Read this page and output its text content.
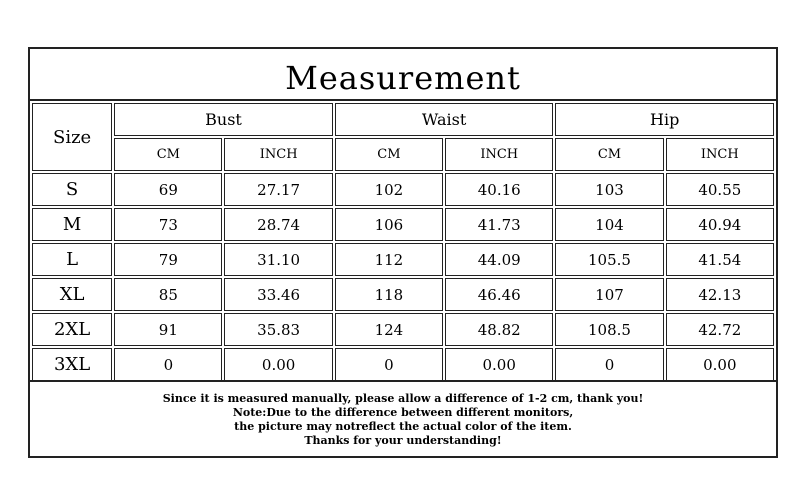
Measurement
Size	Bust		Waist		Hip	
	CM	INCH	CM	INCH	CM	INCH
S	69	27.17	102	40.16	103	40.55
M	73	28.74	106	41.73	104	40.94
L	79	31.10	112	44.09	105.5	41.54
XL	85	33.46	118	46.46	107	42.13
2XL	91	35.83	124	48.82	108.5	42.72
3XL	0	0.00	0	0.00	0	0.00
Since it is measured manually, please allow a difference of 1-2 cm, thank you!
Note:Due to the difference between different monitors,
the picture may notreflect the actual color of the item.
Thanks for your understanding!
